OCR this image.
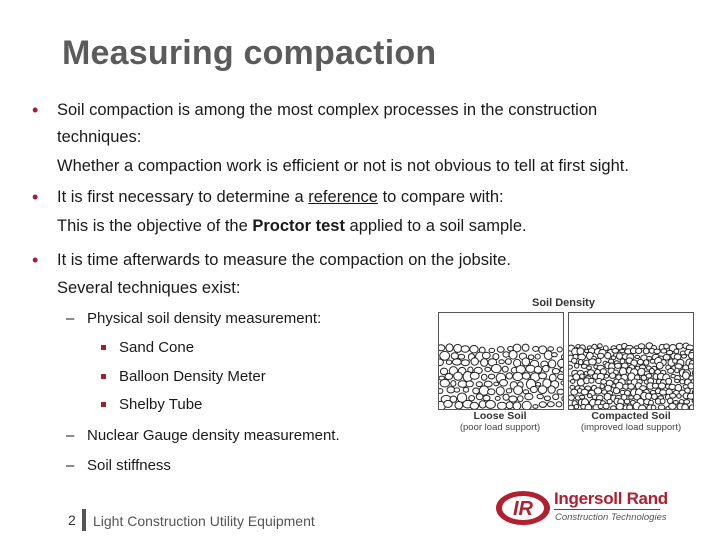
Measuring compaction
• Soil compaction is among the most complex processes in the construction
techniques:
Whether a compaction work is efficient or not is not obvious to tell at first sight.
• It is first necessary to determine a reference to compare with:
This is the objective of the Proctor test applied to a soil sample.
• It is time afterwards to measure the compaction on the jobsite.
Several techniques exist:
– Physical soil density measurement:
Sand Cone
Balloon Density Meter
Shelby Tube
– Nuclear Gauge density measurement.
– Soil stiffness
Soil Density
Loose Soil
(poor load support)
Compacted Soil
(improved load support)
2 Light Construction Utility Equipment
IR Ingersoll Rand
Construction Technologies
